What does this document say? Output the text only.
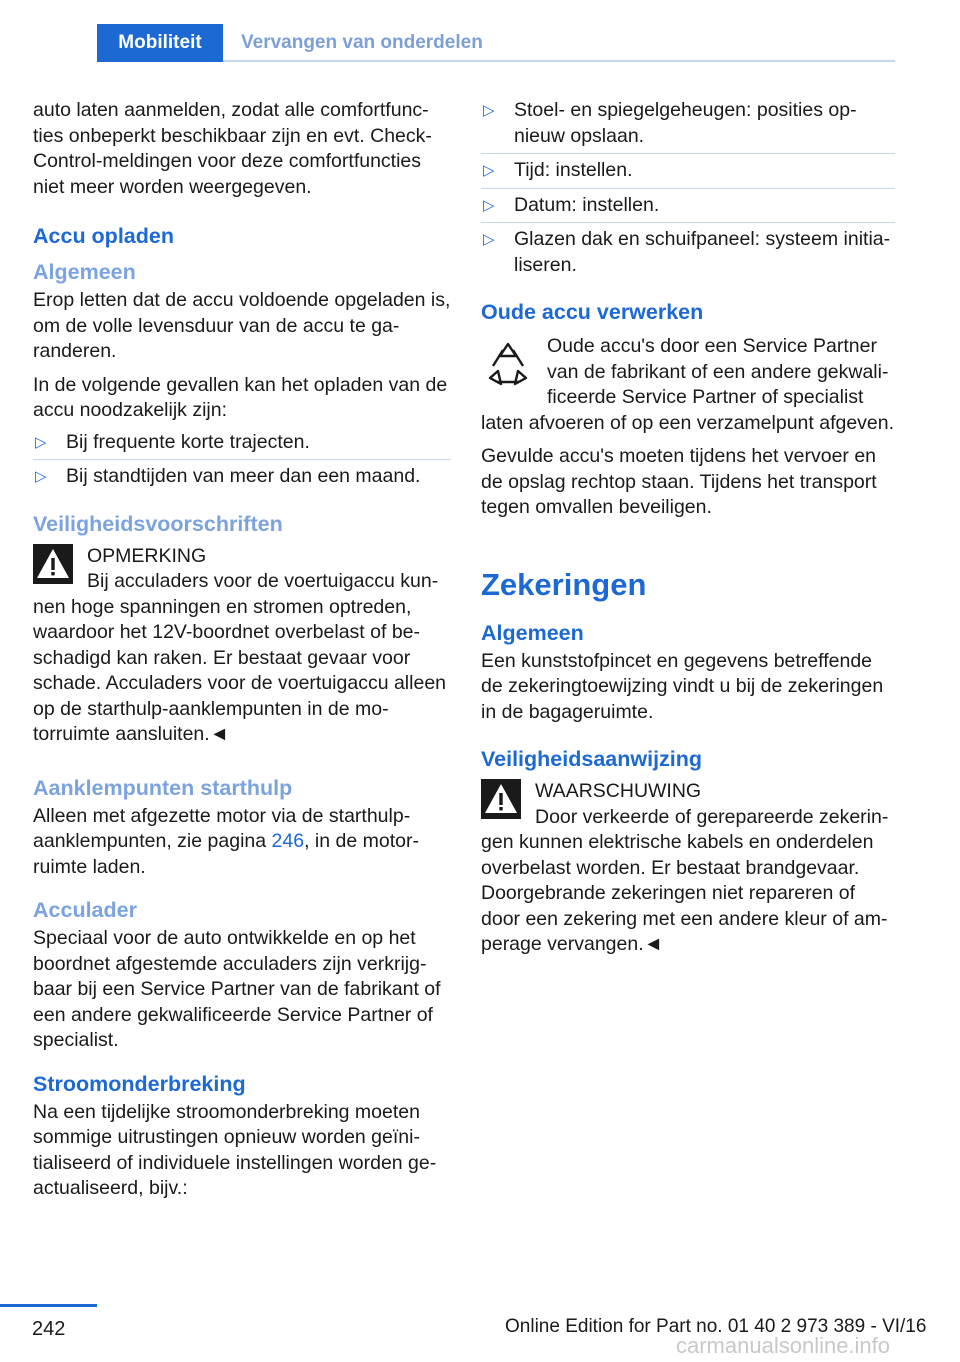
Mobiliteit	Vervangen van onderdelen

auto laten aanmelden, zodat alle comfortfuncties onbeperkt beschikbaar zijn en evt. Check-Control-meldingen voor deze comfortfuncties niet meer worden weergegeven.

Accu opladen
Algemeen

Erop letten dat de accu voldoende opgeladen is, om de volle levensduur van de accu te garanderen.

In de volgende gevallen kan het opladen van de accu noodzakelijk zijn:

▷ Bij frequente korte trajecten.
▷ Bij standtijden van meer dan een maand.
Veiligheidsvoorschriften
OPMERKING
Bij acculaders voor de voertuigaccu kunnen hoge spanningen en stromen optreden, waardoor het 12V-boordnet overbelast of beschadigd kan raken. Er bestaat gevaar voor schade. Acculaders voor de voertuigaccu alleen op de starthulp-aanklempunten in de motorruimte aansluiten.◄
Aanklempunten starthulp

Alleen met afgezette motor via de starthulp-aanklempunten, zie pagina 246, in de motorruimte laden.

Acculader

Speciaal voor de auto ontwikkelde en op het boordnet afgestemde acculaders zijn verkrijgbaar bij een Service Partner van de fabrikant of een andere gekwalificeerde Service Partner of specialist.

Stroomonderbreking

Na een tijdelijke stroomonderbreking moeten sommige uitrustingen opnieuw worden geïnitialiseerd of individuele instellingen worden geactualiseerd, bijv.:

▷ Stoel- en spiegelgeheugen: posities opnieuw opslaan.
▷ Tijd: instellen.
▷ Datum: instellen.
▷ Glazen dak en schuifpaneel: systeem initialiseren.
Oude accu verwerken

Oude accu's door een Service Partner van de fabrikant of een andere gekwalificeerde Service Partner of specialist laten afvoeren of op een verzamelpunt afgeven.

Gevulde accu's moeten tijdens het vervoer en de opslag rechtop staan. Tijdens het transport tegen omvallen beveiligen.

Zekeringen
Algemeen

Een kunststofpincet en gegevens betreffende de zekeringtoewijzing vindt u bij de zekeringen in de bagageruimte.

Veiligheidsaanwijzing
WAARSCHUWING
Door verkeerde of gerepareerde zekeringen kunnen elektrische kabels en onderdelen overbelast worden. Er bestaat brandgevaar. Doorgebrande zekeringen niet repareren of door een zekering met een andere kleur of amperage vervangen.◄
242	Online Edition for Part no. 01 40 2 973 389 - VI/16
carmanualsonline.info
